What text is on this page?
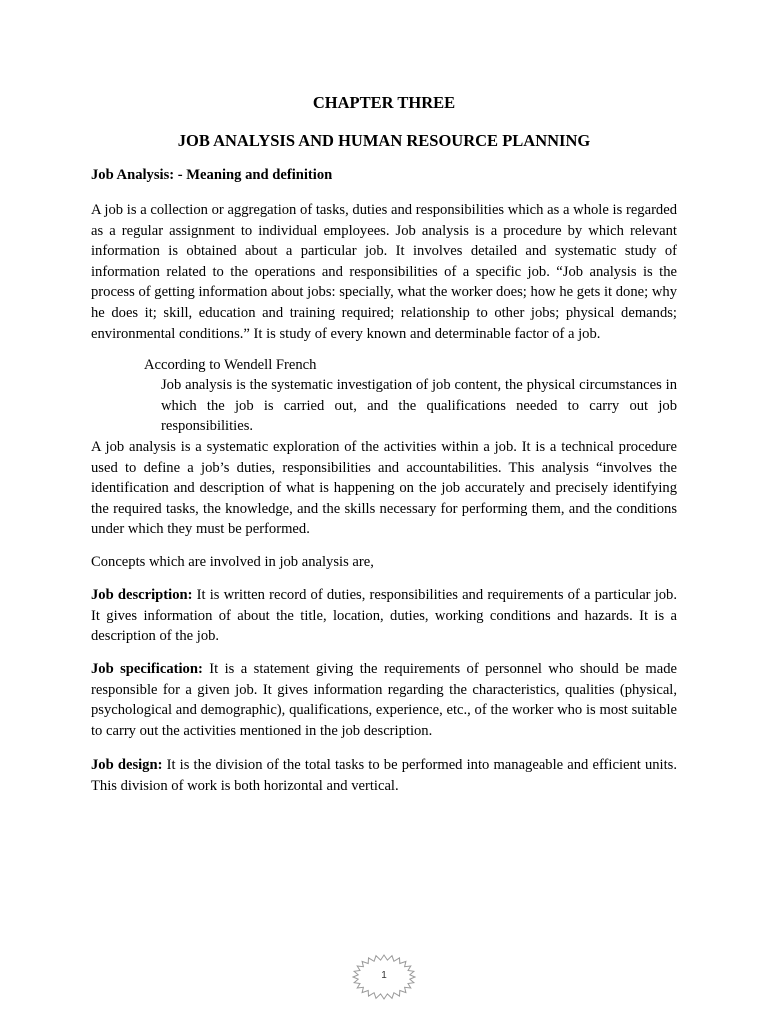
CHAPTER THREE
JOB ANALYSIS AND HUMAN RESOURCE PLANNING
Job Analysis: - Meaning and definition

A job is a collection or aggregation of tasks, duties and responsibilities which as a whole is regarded as a regular assignment to individual employees. Job analysis is a procedure by which relevant information is obtained about a particular job. It involves detailed and systematic study of information related to the operations and responsibilities of a specific job. “Job analysis is the process of getting information about jobs: specially, what the worker does; how he gets it done; why he does it; skill, education and training required; relationship to other jobs; physical demands; environmental conditions.” It is study of every known and determinable factor of a job.

According to Wendell French

Job analysis is the systematic investigation of job content, the physical circumstances in which the job is carried out, and the qualifications needed to carry out job responsibilities.

A job analysis is a systematic exploration of the activities within a job. It is a technical procedure used to define a job’s duties, responsibilities and accountabilities. This analysis “involves the identification and description of what is happening on the job accurately and precisely identifying the required tasks, the knowledge, and the skills necessary for performing them, and the conditions under which they must be performed.

Concepts which are involved in job analysis are,

Job description: It is written record of duties, responsibilities and requirements of a particular job. It gives information of about the title, location, duties, working conditions and hazards. It is a description of the job.

Job specification: It is a statement giving the requirements of personnel who should be made responsible for a given job. It gives information regarding the characteristics, qualities (physical, psychological and demographic), qualifications, experience, etc., of the worker who is most suitable to carry out the activities mentioned in the job description.

Job design: It is the division of the total tasks to be performed into manageable and efficient units. This division of work is both horizontal and vertical.

1
